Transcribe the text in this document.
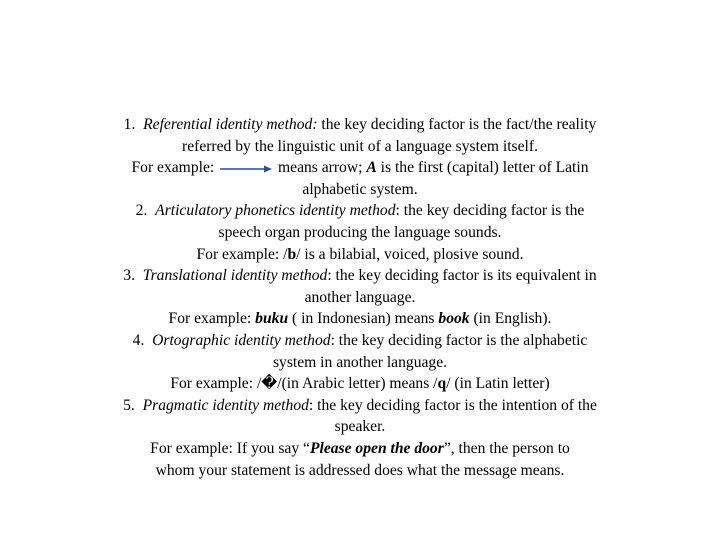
1. Referential identity method: the key deciding factor is the fact/the reality
referred by the linguistic unit of a language system itself.
For example:	means arrow; A is the first (capital) letter of Latin
alphabetic system.
2. Articulatory phonetics identity method: the key deciding factor is the
speech organ producing the language sounds.
For example: /b/ is a bilabial, voiced, plosive sound.
3. Translational identity method: the key deciding factor is its equivalent in
another language.
For example: buku ( in Indonesian) means book (in English).
4. Ortographic identity method: the key deciding factor is the alphabetic
system in another language.
For example: /�/(in Arabic letter) means /q/ (in Latin letter)
5. Pragmatic identity method: the key deciding factor is the intention of the
speaker.
For example: If you say “Please open the door”, then the person to
whom your statement is addressed does what the message means.
